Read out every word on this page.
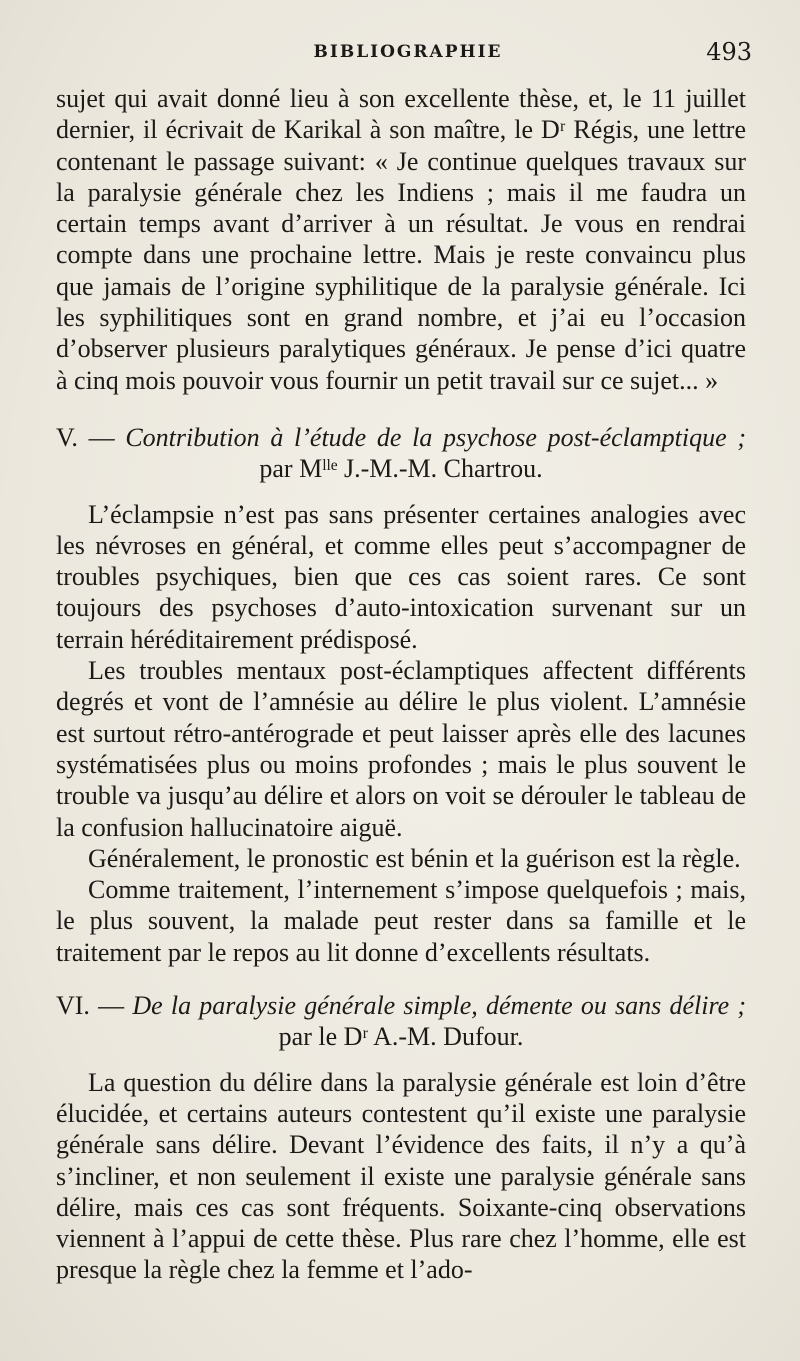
BIBLIOGRAPHIE	493

sujet qui avait donné lieu à son excellente thèse, et, le 11 juillet dernier, il écrivait de Karikal à son maître, le Dʳ Régis, une lettre contenant le passage suivant: « Je continue quelques travaux sur la paralysie générale chez les Indiens ; mais il me faudra un certain temps avant d’arriver à un résultat. Je vous en rendrai compte dans une prochaine lettre. Mais je reste convaincu plus que jamais de l’origine syphilitique de la paralysie générale. Ici les syphilitiques sont en grand nombre, et j’ai eu l’occasion d’observer plusieurs paralytiques généraux. Je pense d’ici quatre à cinq mois pouvoir vous fournir un petit travail sur ce sujet... »

V. — Contribution à l’étude de la psychose post-éclamptique ;
par Mˡˡᵉ J.-M.-M. Chartrou.

L’éclampsie n’est pas sans présenter certaines analogies avec les névroses en général, et comme elles peut s’accompagner de troubles psychiques, bien que ces cas soient rares. Ce sont toujours des psychoses d’auto-intoxication survenant sur un terrain héréditairement prédisposé.

Les troubles mentaux post-éclamptiques affectent différents degrés et vont de l’amnésie au délire le plus violent. L’amnésie est surtout rétro-antérograde et peut laisser après elle des lacunes systématisées plus ou moins profondes ; mais le plus souvent le trouble va jusqu’au délire et alors on voit se dérouler le tableau de la confusion hallucinatoire aiguë.

Généralement, le pronostic est bénin et la guérison est la règle.

Comme traitement, l’internement s’impose quelquefois ; mais, le plus souvent, la malade peut rester dans sa famille et le traitement par le repos au lit donne d’excellents résultats.

VI. — De la paralysie générale simple, démente ou sans délire ;
par le Dʳ A.-M. Dufour.

La question du délire dans la paralysie générale est loin d’être élucidée, et certains auteurs contestent qu’il existe une paralysie générale sans délire. Devant l’évidence des faits, il n’y a qu’à s’incliner, et non seulement il existe une paralysie générale sans délire, mais ces cas sont fréquents. Soixante-cinq observations viennent à l’appui de cette thèse. Plus rare chez l’homme, elle est presque la règle chez la femme et l’ado-
